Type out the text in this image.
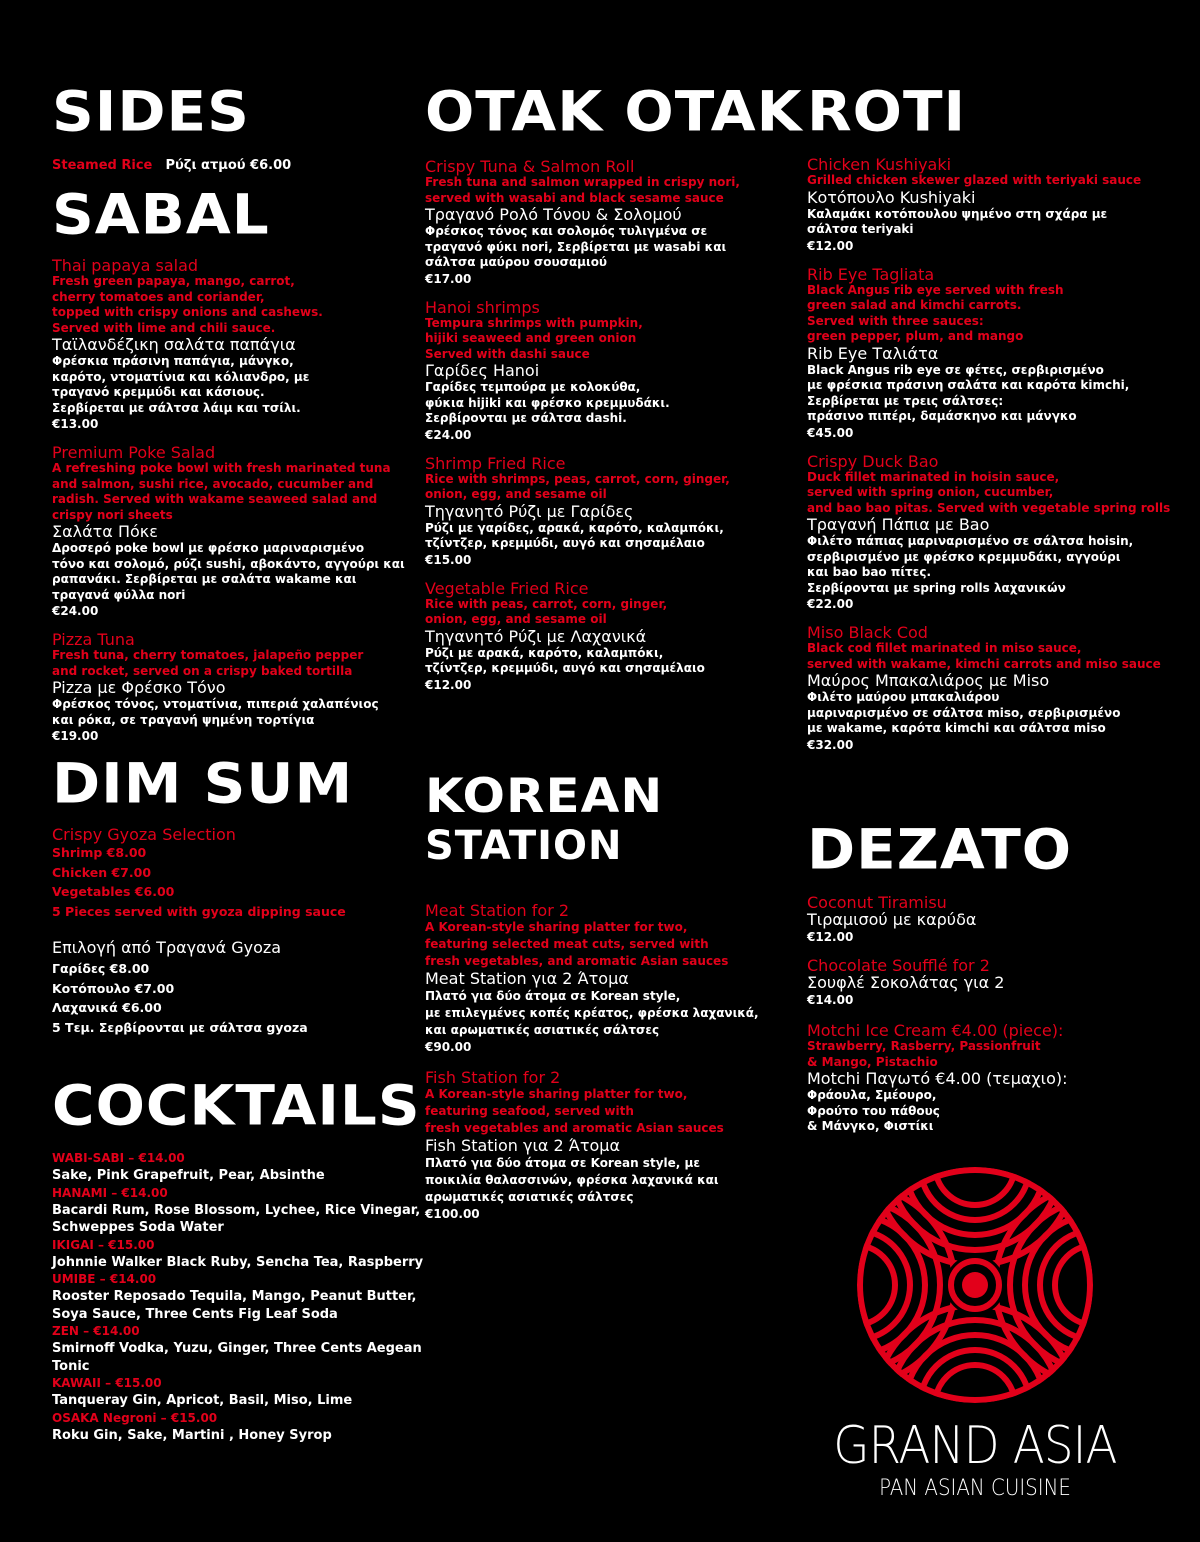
SIDES
Steamed Rice Ρύζι ατμού €6.00
SABAL

Thai papaya salad

Fresh green papaya, mango, carrot,
cherry tomatoes and coriander,
topped with crispy onions and cashews.
Served with lime and chili sauce.

Ταϊλανδέζικη σαλάτα παπάγια

Φρέσκια πράσινη παπάγια, μάνγκο,
καρότο, ντοματίνια και κόλιανδρο, με
τραγανό κρεμμύδι και κάσιους.
Σερβίρεται με σάλτσα λάιμ και τσίλι.

€13.00

Premium Poke Salad

A refreshing poke bowl with fresh marinated tuna
and salmon, sushi rice, avocado, cucumber and
radish. Served with wakame seaweed salad and
crispy nori sheets

Σαλάτα Πόκε

Δροσερό poke bowl με φρέσκο μαριναρισμένο
τόνο και σολομό, ρύζι sushi, αβοκάντο, αγγούρι και
ραπανάκι. Σερβίρεται με σαλάτα wakame και
τραγανά φύλλα nori

€24.00

Pizza Tuna

Fresh tuna, cherry tomatoes, jalapeño pepper
and rocket, served on a crispy baked tortilla

Pizza με Φρέσκο Τόνο

Φρέσκος τόνος, ντοματίνια, πιπεριά χαλαπένιος
και ρόκα, σε τραγανή ψημένη τορτίγια

€19.00

DIM SUM

Crispy Gyoza Selection

Shrimp €8.00

Chicken €7.00

Vegetables €6.00

5 Pieces served with gyoza dipping sauce

Επιλογή από Τραγανά Gyoza

Γαρίδες €8.00

Κοτόπουλο €7.00

Λαχανικά €6.00

5 Τεμ. Σερβίρονται με σάλτσα gyoza

COCKTAILS

WABI-SABI – €14.00

Sake, Pink Grapefruit, Pear, Absinthe

HANAMI – €14.00

Bacardi Rum, Rose Blossom, Lychee, Rice Vinegar,
Schweppes Soda Water

IKIGAI – €15.00

Johnnie Walker Black Ruby, Sencha Tea, Raspberry

UMIBE – €14.00

Rooster Reposado Tequila, Mango, Peanut Butter,
Soya Sauce, Three Cents Fig Leaf Soda

ZEN – €14.00

Smirnoff Vodka, Yuzu, Ginger, Three Cents Aegean Tonic

KAWAII – €15.00

Tanqueray Gin, Apricot, Basil, Miso, Lime

OSAKA Negroni – €15.00

Roku Gin, Sake, Martini , Honey Syrop

OTAK OTAK

Crispy Tuna & Salmon Roll

Fresh tuna and salmon wrapped in crispy nori,
served with wasabi and black sesame sauce

Τραγανό Ρολό Τόνου & Σολομού

Φρέσκος τόνος και σολομός τυλιγμένα σε
τραγανό φύκι nori, Σερβίρεται με wasabi και
σάλτσα μαύρου σουσαμιού

€17.00

Hanoi shrimps

Tempura shrimps with pumpkin,
hijiki seaweed and green onion
Served with dashi sauce

Γαρίδες Hanoi

Γαρίδες τεμπούρα με κολοκύθα,
φύκια hijiki και φρέσκο κρεμμυδάκι.
Σερβίρονται με σάλτσα dashi.

€24.00

Shrimp Fried Rice

Rice with shrimps, peas, carrot, corn, ginger,
onion, egg, and sesame oil

Τηγανητό Ρύζι με Γαρίδες

Ρύζι με γαρίδες, αρακά, καρότο, καλαμπόκι,
τζίντζερ, κρεμμύδι, αυγό και σησαμέλαιο

€15.00

Vegetable Fried Rice

Rice with peas, carrot, corn, ginger,
onion, egg, and sesame oil

Τηγανητό Ρύζι με Λαχανικά

Ρύζι με αρακά, καρότο, καλαμπόκι,
τζίντζερ, κρεμμύδι, αυγό και σησαμέλαιο

€12.00

KOREAN
STATION

Meat Station for 2

A Korean-style sharing platter for two,
featuring selected meat cuts, served with
fresh vegetables, and aromatic Asian sauces

Meat Station για 2 Άτομα

Πλατό για δύο άτομα σε Korean style,
με επιλεγμένες κοπές κρέατος, φρέσκα λαχανικά,
και αρωματικές ασιατικές σάλτσες

€90.00

Fish Station for 2

A Korean-style sharing platter for two,
featuring seafood, served with
fresh vegetables and aromatic Asian sauces

Fish Station για 2 Άτομα

Πλατό για δύο άτομα σε Korean style, με
ποικιλία θαλασσινών, φρέσκα λαχανικά και
αρωματικές ασιατικές σάλτσες

€100.00

ROTI

Chicken Kushiyaki

Grilled chicken skewer glazed with teriyaki sauce

Κοτόπουλο Kushiyaki

Καλαμάκι κοτόπουλου ψημένο στη σχάρα με
σάλτσα teriyaki

€12.00

Rib Eye Tagliata

Black Angus rib eye served with fresh
green salad and kimchi carrots.
Served with three sauces:
green pepper, plum, and mango

Rib Eye Ταλιάτα

Black Angus rib eye σε φέτες, σερβιρισμένο
με φρέσκια πράσινη σαλάτα και καρότα kimchi,
Σερβίρεται με τρεις σάλτσες:
πράσινο πιπέρι, δαμάσκηνο και μάνγκο

€45.00

Crispy Duck Bao

Duck fillet marinated in hoisin sauce,
served with spring onion, cucumber,
and bao bao pitas. Served with vegetable spring rolls

Τραγανή Πάπια με Bao

Φιλέτο πάπιας μαριναρισμένο σε σάλτσα hoisin,
σερβιρισμένο με φρέσκο κρεμμυδάκι, αγγούρι
και bao bao πίτες.
Σερβίρονται με spring rolls λαχανικών

€22.00

Miso Black Cod

Black cod fillet marinated in miso sauce,
served with wakame, kimchi carrots and miso sauce

Μαύρος Μπακαλιάρος με Miso

Φιλέτο μαύρου μπακαλιάρου
μαριναρισμένο σε σάλτσα miso, σερβιρισμένο
με wakame, καρότα kimchi και σάλτσα miso

€32.00

DEZATO

Coconut Tiramisu

Τιραμισού με καρύδα

€12.00

Chocolate Soufflé for 2

Σουφλέ Σοκολάτας για 2

€14.00

Motchi Ice Cream €4.00 (piece):

Strawberry, Rasberry, Passionfruit
& Mango, Pistachio

Motchi Παγωτό €4.00 (τεμαχιο):

Φράουλα, Σμέουρο,
Φρούτο του πάθους
& Μάνγκο, Φιστίκι

GRAND ASIA
PAN ASIAN CUISINE
